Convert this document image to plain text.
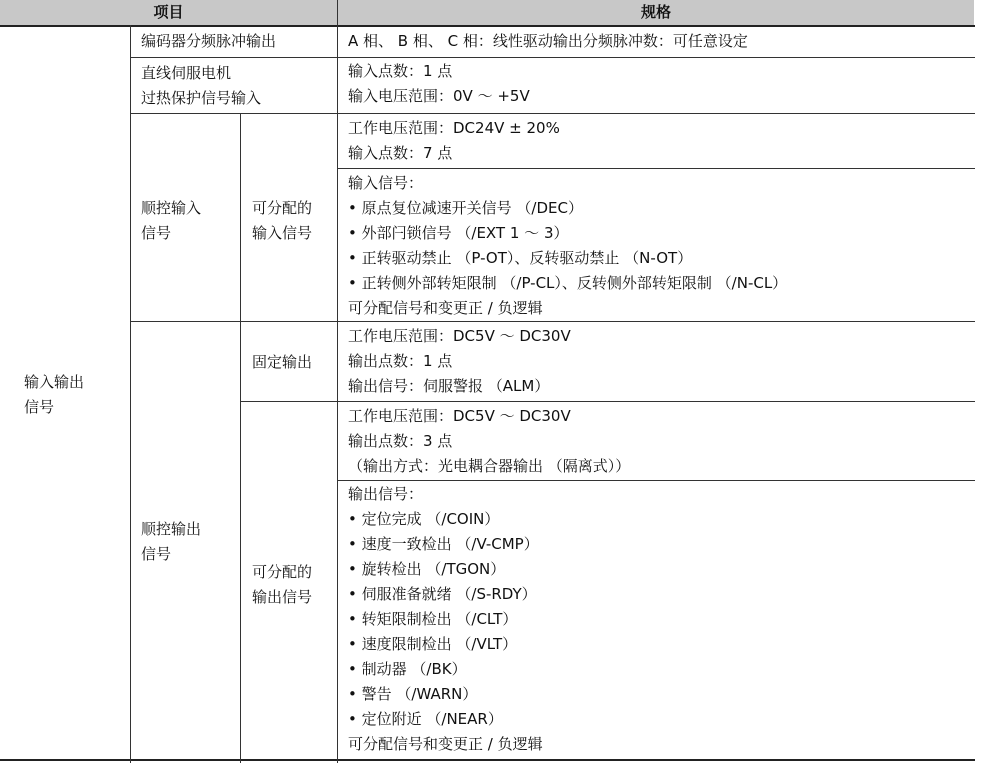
项目	规格
输入输出
信号
编码器分频脉冲输出	A 相、 B 相、 C 相：线性驱动输出分频脉冲数：可任意设定
直线伺服电机
过热保护信号输入
输入点数：1 点
输入电压范围：0V ～ +5V
顺控输入
信号
可分配的
输入信号
工作电压范围：DC24V ± 20%
输入点数：7 点
输入信号：
• 原点复位减速开关信号 （/DEC）
• 外部闩锁信号 （/EXT 1 ～ 3）
• 正转驱动禁止 （P-OT）、反转驱动禁止 （N-OT）
• 正转侧外部转矩限制 （/P-CL）、反转侧外部转矩限制 （/N-CL）
可分配信号和变更正 / 负逻辑
顺控输出
信号
固定输出
工作电压范围：DC5V ～ DC30V
输出点数：1 点
输出信号：伺服警报 （ALM）
可分配的
输出信号
工作电压范围：DC5V ～ DC30V
输出点数：3 点
（输出方式：光电耦合器输出 （隔离式））
输出信号：
• 定位完成 （/COIN）
• 速度一致检出 （/V-CMP）
• 旋转检出 （/TGON）
• 伺服准备就绪 （/S-RDY）
• 转矩限制检出 （/CLT）
• 速度限制检出 （/VLT）
• 制动器 （/BK）
• 警告 （/WARN）
• 定位附近 （/NEAR）
可分配信号和变更正 / 负逻辑
